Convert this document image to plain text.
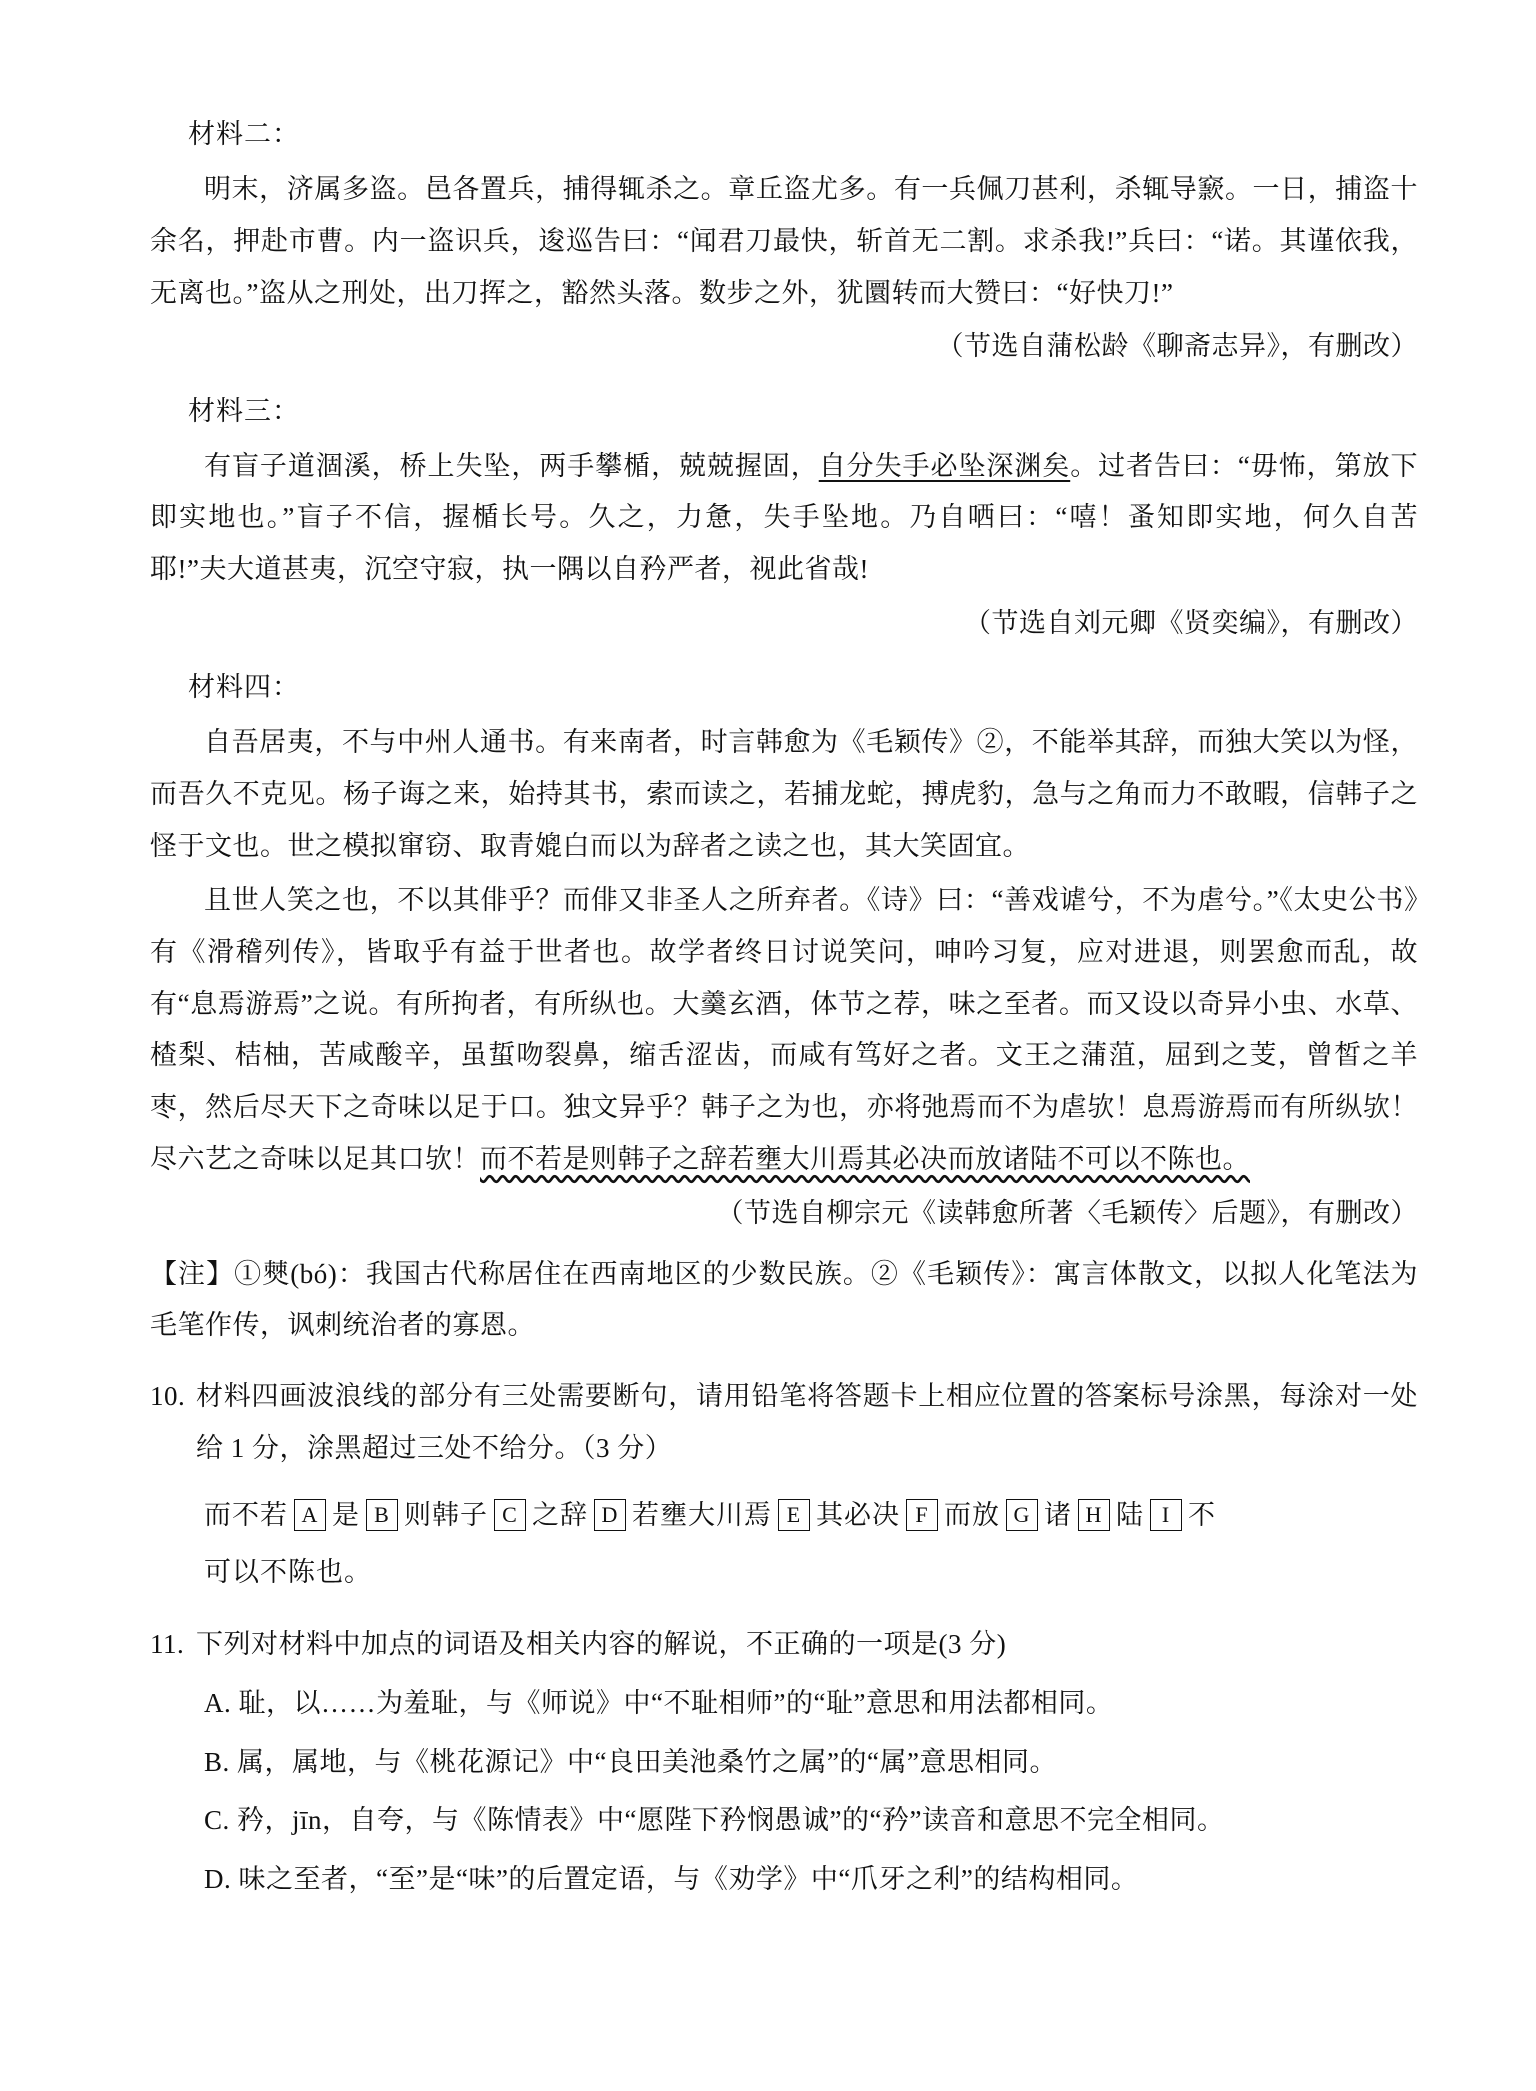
材料二：

明末，济属多盗。邑各置兵，捕得辄杀之。章丘盗尤多。有一兵佩刀甚利，杀辄导窾。一日，捕盗十余名，押赴市曹。内一盗识兵，逡巡告曰：“闻君刀最快，斩首无二割。求杀我!”兵曰：“诺。其谨依我，无离也。”盗从之刑处，出刀挥之，豁然头落。数步之外，犹圜转而大赞曰：“好快刀!”

（节选自蒲松龄《聊斋志异》，有删改）
材料三：

有盲子道涸溪，桥上失坠，两手攀楯，兢兢握固，自分失手必坠深渊矣。过者告曰：“毋怖，第放下即实地也。”盲子不信，握楯长号。久之，力惫，失手坠地。乃自哂曰：“嘻！蚤知即实地，何久自苦耶!”夫大道甚夷，沉空守寂，执一隅以自矜严者，视此省哉!

（节选自刘元卿《贤奕编》，有删改）
材料四：

自吾居夷，不与中州人通书。有来南者，时言韩愈为《毛颖传》②，不能举其辞，而独大笑以为怪，而吾久不克见。杨子诲之来，始持其书，索而读之，若捕龙蛇，搏虎豹，急与之角而力不敢暇，信韩子之怪于文也。世之模拟窜窃、取青媲白而以为辞者之读之也，其大笑固宜。

且世人笑之也，不以其俳乎？而俳又非圣人之所弃者。《诗》曰：“善戏谑兮，不为虐兮。”《太史公书》有《滑稽列传》，皆取乎有益于世者也。故学者终日讨说笑问，呻吟习复，应对进退，则罢愈而乱，故有“息焉游焉”之说。有所拘者，有所纵也。大羹玄酒，体节之荐，味之至者。而又设以奇异小虫、水草、楂梨、桔柚，苦咸酸辛，虽蜇吻裂鼻，缩舌涩齿，而咸有笃好之者。文王之蒲菹，屈到之芰，曾皙之羊枣，然后尽天下之奇味以足于口。独文异乎？韩子之为也，亦将弛焉而不为虐欤！息焉游焉而有所纵欤！尽六艺之奇味以足其口欤！而不若是则韩子之辞若壅大川焉其必决而放诸陆不可以不陈也。

（节选自柳宗元《读韩愈所著〈毛颖传〉后题》，有删改）
【注】①僰(bó)：我国古代称居住在西南地区的少数民族。②《毛颖传》：寓言体散文，以拟人化笔法为毛笔作传，讽刺统治者的寡恩。
10. 材料四画波浪线的部分有三处需要断句，请用铅笔将答题卡上相应位置的答案标号涂黑，每涂对一处给 1 分，涂黑超过三处不给分。（3 分）
而不若 A 是 B 则韩子 C 之辞 D 若壅大川焉 E 其必决 F 而放 G 诸 H 陆 I 不
可以不陈也。
11. 下列对材料中加点的词语及相关内容的解说，不正确的一项是(3 分)
A. 耻，以……为羞耻，与《师说》中“不耻相师”的“耻”意思和用法都相同。
B. 属，属地，与《桃花源记》中“良田美池桑竹之属”的“属”意思相同。
C. 矜，jīn，自夸，与《陈情表》中“愿陛下矜悯愚诚”的“矜”读音和意思不完全相同。
D. 味之至者，“至”是“味”的后置定语，与《劝学》中“爪牙之利”的结构相同。
